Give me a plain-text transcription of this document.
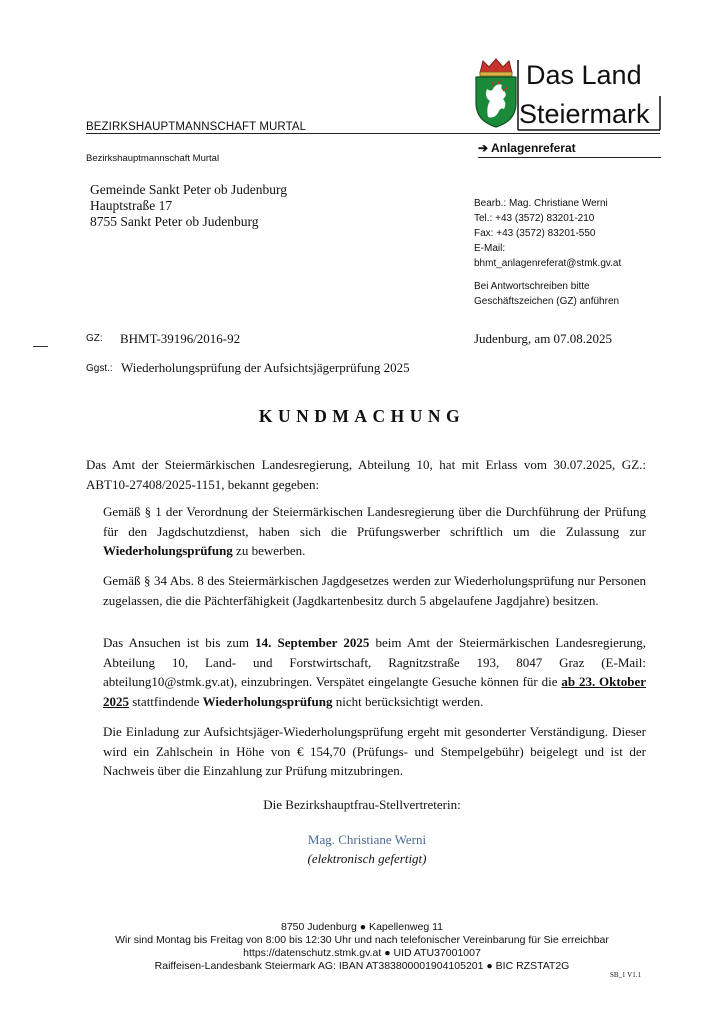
BEZIRKSHAUPTMANNSCHAFT MURTAL
➔ Anlagenreferat
Bezirkshauptmannschaft Murtal
Das Land
Steiermark
Gemeinde Sankt Peter ob Judenburg
Hauptstraße 17
8755 Sankt Peter ob Judenburg
Bearb.: Mag. Christiane Werni
Tel.: +43 (3572) 83201-210
Fax: +43 (3572) 83201-550
E-Mail:
bhmt_anlagenreferat@stmk.gv.at
Bei Antwortschreiben bitte
Geschäftszeichen (GZ) anführen
GZ: BHMT-39196/2016-92	Judenburg, am 07.08.2025
Ggst.: Wiederholungsprüfung der Aufsichtsjägerprüfung 2025
KUNDMACHUNG
Das Amt der Steiermärkischen Landesregierung, Abteilung 10, hat mit Erlass vom 30.07.2025, GZ.: ABT10-27408/2025-1151, bekannt gegeben:
Gemäß § 1 der Verordnung der Steiermärkischen Landesregierung über die Durchführung der Prüfung für den Jagdschutzdienst, haben sich die Prüfungswerber schriftlich um die Zulassung zur Wiederholungsprüfung zu bewerben.
Gemäß § 34 Abs. 8 des Steiermärkischen Jagdgesetzes werden zur Wiederholungsprüfung nur Personen zugelassen, die die Pächterfähigkeit (Jagdkartenbesitz durch 5 abgelaufene Jagdjahre) besitzen.
Das Ansuchen ist bis zum 14. September 2025 beim Amt der Steiermärkischen Landesregierung, Abteilung 10, Land- und Forstwirtschaft, Ragnitzstraße 193, 8047 Graz (E-Mail: abteilung10@stmk.gv.at), einzubringen. Verspätet eingelangte Gesuche können für die ab 23. Oktober 2025 stattfindende Wiederholungsprüfung nicht berücksichtigt werden.
Die Einladung zur Aufsichtsjäger-Wiederholungsprüfung ergeht mit gesonderter Verständigung. Dieser wird ein Zahlschein in Höhe von € 154,70 (Prüfungs- und Stempelgebühr) beigelegt und ist der Nachweis über die Einzahlung zur Prüfung mitzubringen.
Die Bezirkshauptfrau-Stellvertreterin:
Mag. Christiane Werni
(elektronisch gefertigt)
8750 Judenburg ● Kapellenweg 11
Wir sind Montag bis Freitag von 8:00 bis 12:30 Uhr und nach telefonischer Vereinbarung für Sie erreichbar
https://datenschutz.stmk.gv.at ● UID ATU37001007
Raiffeisen-Landesbank Steiermark AG: IBAN AT383800001904105201 ● BIC RZSTAT2G
SB_1 V1.1
